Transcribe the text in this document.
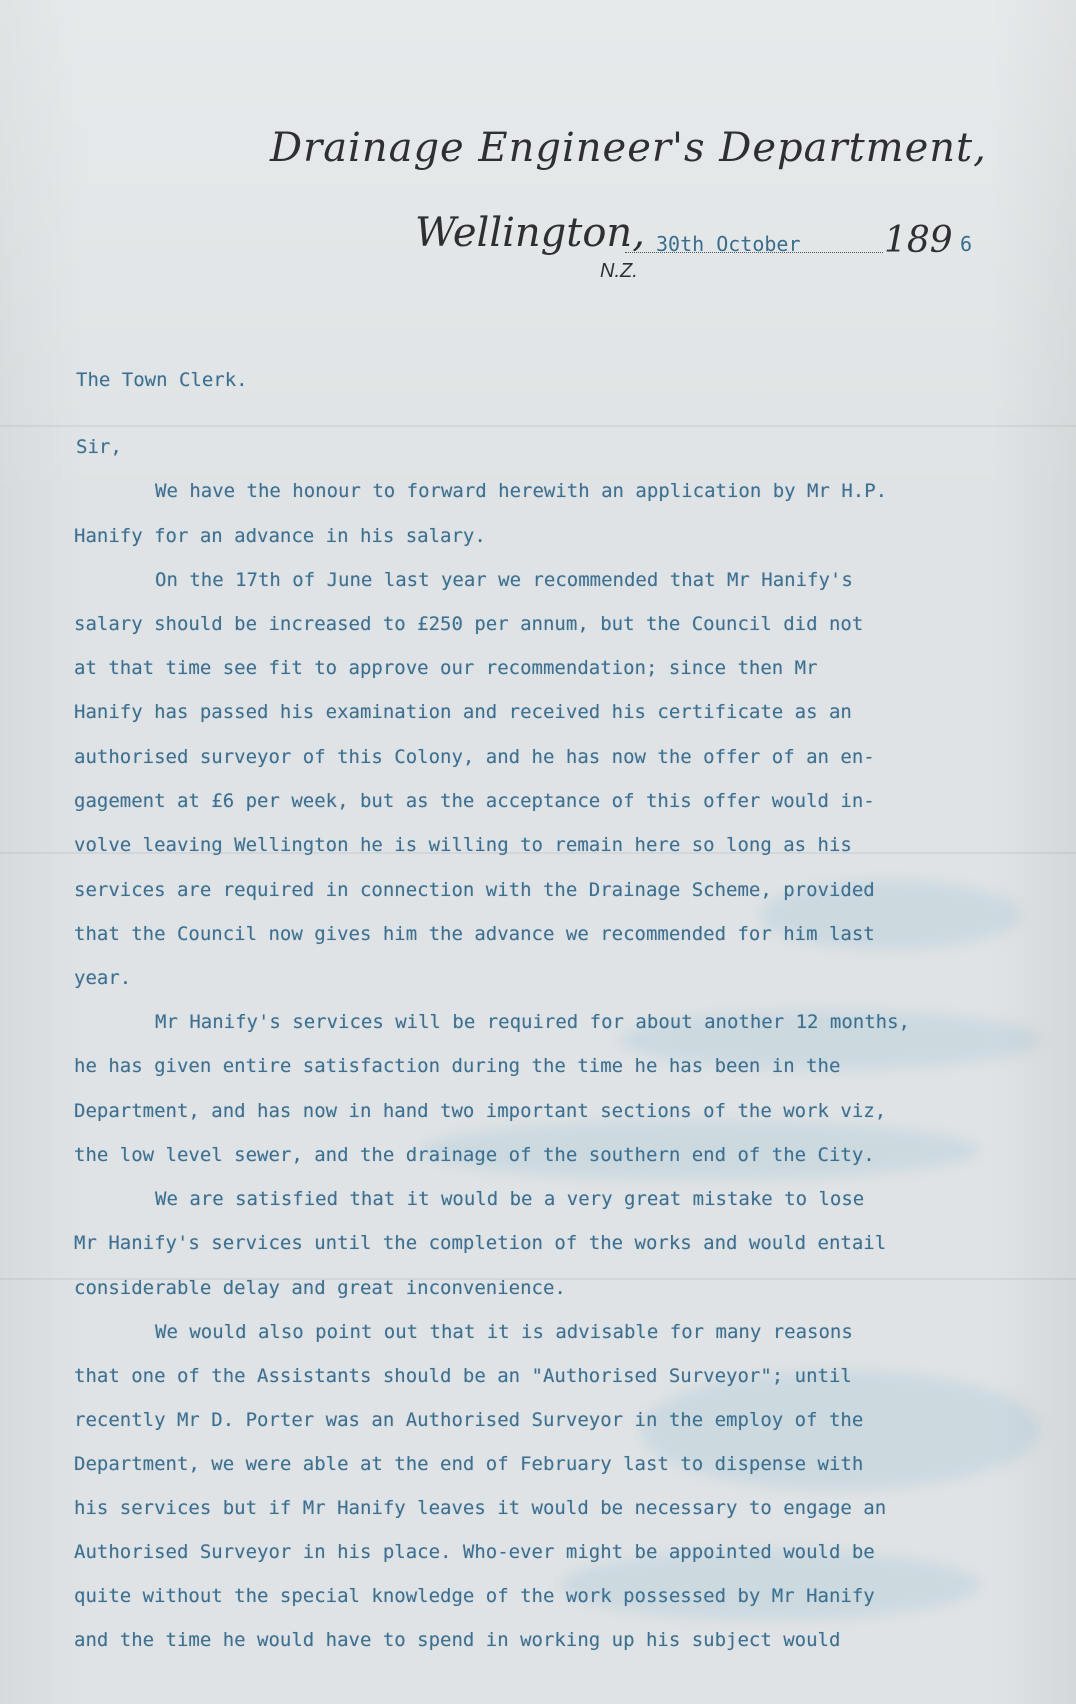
Drainage Engineer's Department,
Wellington,
N.Z.
30th October 189 6
The Town Clerk.
Sir,
We have the honour to forward herewith an application by Mr H.P.
Hanify for an advance in his salary.
On the 17th of June last year we recommended that Mr Hanify's
salary should be increased to £250 per annum, but the Council did not
at that time see fit to approve our recommendation; since then Mr
Hanify has passed his examination and received his certificate as an
authorised surveyor of this Colony, and he has now the offer of an en-
gagement at £6 per week, but as the acceptance of this offer would in-
volve leaving Wellington he is willing to remain here so long as his
services are required in connection with the Drainage Scheme, provided
that the Council now gives him the advance we recommended for him last
year.
Mr Hanify's services will be required for about another 12 months,
he has given entire satisfaction during the time he has been in the
Department, and has now in hand two important sections of the work viz,
the low level sewer, and the drainage of the southern end of the City.
We are satisfied that it would be a very great mistake to lose
Mr Hanify's services until the completion of the works and would entail
considerable delay and great inconvenience.
We would also point out that it is advisable for many reasons
that one of the Assistants should be an "Authorised Surveyor"; until
recently Mr D. Porter was an Authorised Surveyor in the employ of the
Department, we were able at the end of February last to dispense with
his services but if Mr Hanify leaves it would be necessary to engage an
Authorised Surveyor in his place. Who-ever might be appointed would be
quite without the special knowledge of the work possessed by Mr Hanify
and the time he would have to spend in working up his subject would
